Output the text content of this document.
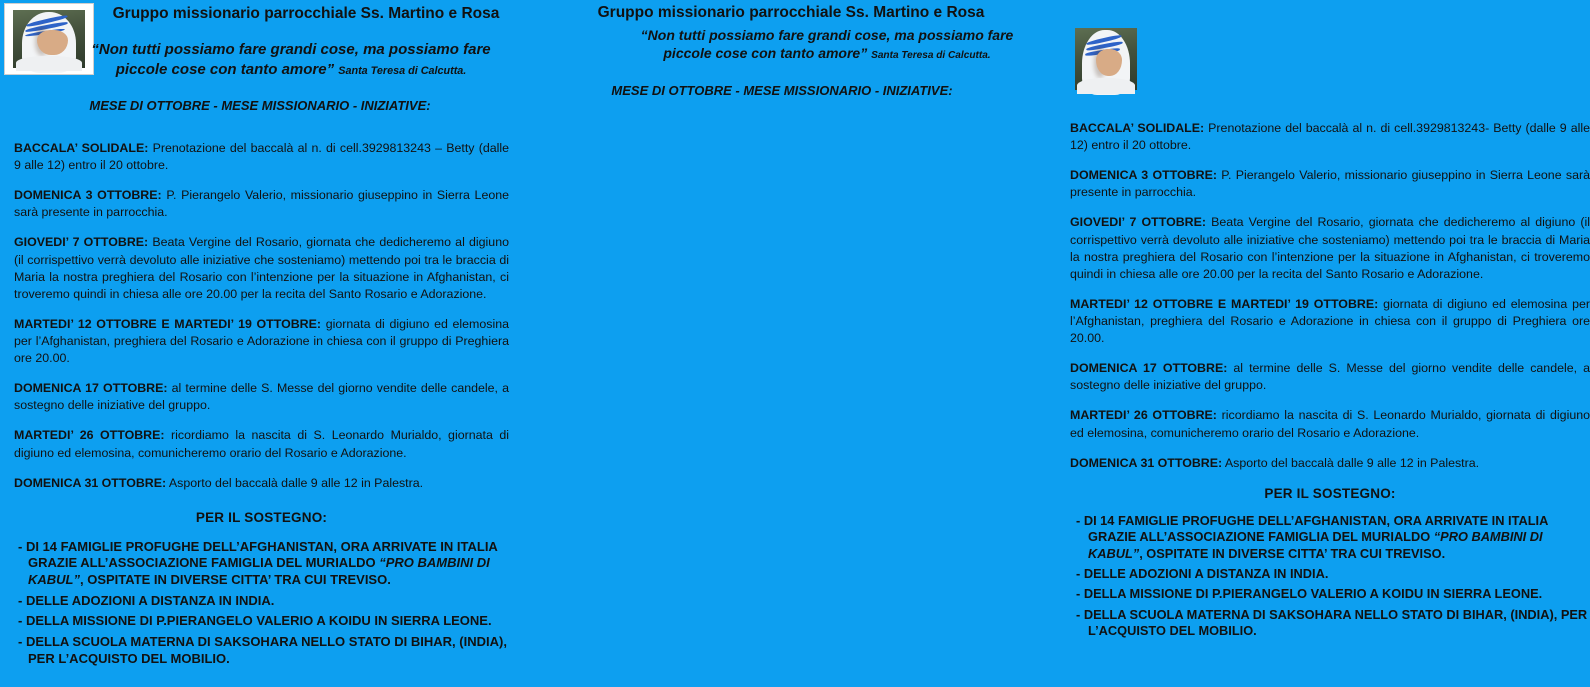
Gruppo missionario parrocchiale Ss. Martino e Rosa
“Non tutti possiamo fare grandi cose, ma possiamo fare
piccole cose con tanto amore” Santa Teresa di Calcutta.
MESE DI OTTOBRE - MESE MISSIONARIO - INIZIATIVE:

BACCALA’ SOLIDALE: Prenotazione del baccalà al n. di cell.3929813243 – Betty (dalle 9 alle 12) entro il 20 ottobre.

DOMENICA 3 OTTOBRE: P. Pierangelo Valerio, missionario giuseppino in Sierra Leone sarà presente in parrocchia.

GIOVEDI’ 7 OTTOBRE: Beata Vergine del Rosario, giornata che dedicheremo al digiuno (il corrispettivo verrà devoluto alle iniziative che sosteniamo) mettendo poi tra le braccia di Maria la nostra preghiera del Rosario con l’intenzione per la situazione in Afghanistan, ci troveremo quindi in chiesa alle ore 20.00 per la recita del Santo Rosario e Adorazione.

MARTEDI’ 12 OTTOBRE E MARTEDI’ 19 OTTOBRE: giornata di digiuno ed elemosina per l’Afghanistan, preghiera del Rosario e Adorazione in chiesa con il gruppo di Preghiera ore 20.00.

DOMENICA 17 OTTOBRE: al termine delle S. Messe del giorno vendite delle candele, a sostegno delle iniziative del gruppo.

MARTEDI’ 26 OTTOBRE: ricordiamo la nascita di S. Leonardo Murialdo, giornata di digiuno ed elemosina, comunicheremo orario del Rosario e Adorazione.

DOMENICA 31 OTTOBRE: Asporto del baccalà dalle 9 alle 12 in Palestra.

PER IL SOSTEGNO:
- DI 14 FAMIGLIE PROFUGHE DELL’AFGHANISTAN, ORA ARRIVATE IN ITALIA GRAZIE ALL’ASSOCIAZIONE FAMIGLIA DEL MURIALDO “PRO BAMBINI DI KABUL”, OSPITATE IN DIVERSE CITTA’ TRA CUI TREVISO.
- DELLE ADOZIONI A DISTANZA IN INDIA.
- DELLA MISSIONE DI P.PIERANGELO VALERIO A KOIDU IN SIERRA LEONE.
- DELLA SCUOLA MATERNA DI SAKSOHARA NELLO STATO DI BIHAR, (INDIA), PER L’ACQUISTO DEL MOBILIO.
Gruppo missionario parrocchiale Ss. Martino e Rosa
“Non tutti possiamo fare grandi cose, ma possiamo fare
piccole cose con tanto amore” Santa Teresa di Calcutta.
MESE DI OTTOBRE - MESE MISSIONARIO - INIZIATIVE:

BACCALA’ SOLIDALE: Prenotazione del baccalà al n. di cell.3929813243- Betty (dalle 9 alle 12) entro il 20 ottobre.

DOMENICA 3 OTTOBRE: P. Pierangelo Valerio, missionario giuseppino in Sierra Leone sarà presente in parrocchia.

GIOVEDI’ 7 OTTOBRE: Beata Vergine del Rosario, giornata che dedicheremo al digiuno (il corrispettivo verrà devoluto alle iniziative che sosteniamo) mettendo poi tra le braccia di Maria la nostra preghiera del Rosario con l’intenzione per la situazione in Afghanistan, ci troveremo quindi in chiesa alle ore 20.00 per la recita del Santo Rosario e Adorazione.

MARTEDI’ 12 OTTOBRE E MARTEDI’ 19 OTTOBRE: giornata di digiuno ed elemosina per l’Afghanistan, preghiera del Rosario e Adorazione in chiesa con il gruppo di Preghiera ore 20.00.

DOMENICA 17 OTTOBRE: al termine delle S. Messe del giorno vendite delle candele, a sostegno delle iniziative del gruppo.

MARTEDI’ 26 OTTOBRE: ricordiamo la nascita di S. Leonardo Murialdo, giornata di digiuno ed elemosina, comunicheremo orario del Rosario e Adorazione.

DOMENICA 31 OTTOBRE: Asporto del baccalà dalle 9 alle 12 in Palestra.

PER IL SOSTEGNO:
- DI 14 FAMIGLIE PROFUGHE DELL’AFGHANISTAN, ORA ARRIVATE IN ITALIA GRAZIE ALL’ASSOCIAZIONE FAMIGLIA DEL MURIALDO “PRO BAMBINI DI KABUL”, OSPITATE IN DIVERSE CITTA’ TRA CUI TREVISO.
- DELLE ADOZIONI A DISTANZA IN INDIA.
- DELLA MISSIONE DI P.PIERANGELO VALERIO A KOIDU IN SIERRA LEONE.
- DELLA SCUOLA MATERNA DI SAKSOHARA NELLO STATO DI BIHAR, (INDIA), PER L’ACQUISTO DEL MOBILIO.
